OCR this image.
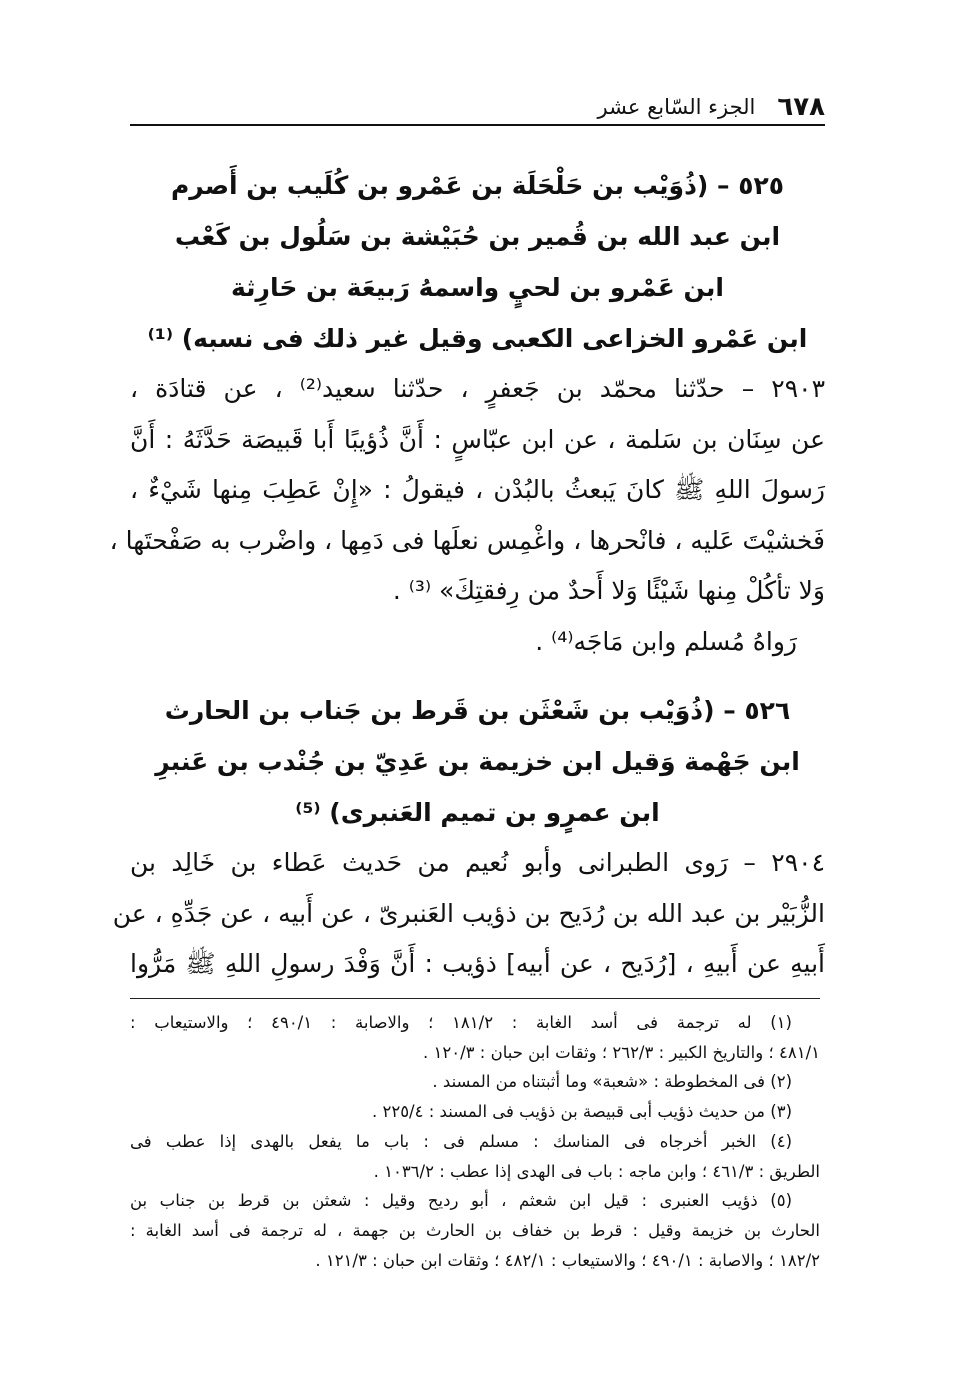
٦٧٨
الجزء السّابع عشر
٥٢٥ – (ذُوَيْب بن حَلْحَلَة بن عَمْرو بن كُلَيب بن أَصرم
ابن عبد الله بن قُمير بن حُبَيْشة بن سَلُول بن كَعْب
ابن عَمْرو بن لحيٍ واسمهُ رَبيعَة بن حَارِثة
ابن عَمْرو الخزاعى الكعبى وقيل غير ذلك فى نسبه) ⁽¹⁾
٢٩٠٣ – حدّثنا محمّد بن جَعفرٍ ، حدّثنا سعيد⁽²⁾ ، عن قتادَة ،
عن سِنَان بن سَلمة ، عن ابن عبّاسٍ : أَنَّ ذُؤيبًا أَبا قَبيصَة حَدَّثَهُ : أَنَّ
رَسولَ اللهِ ﷺ كانَ يَبعثُ بالبُدْن ، فيقولُ : «إِنْ عَطِبَ مِنها شَيْءٌ ،
فَخشيْتَ عَليه ، فانْحرها ، واغْمِس نعلَها فى دَمِها ، واضْرب به صَفْحتَها ،
وَلا تأكُلْ مِنها شَيْئًا وَلا أَحدٌ من رِفقتِكَ» ⁽³⁾ .
رَواهُ مُسلم وابن مَاجَه⁽⁴⁾ .
٥٢٦ – (ذُوَيْب بن شَعْثَن بن قَرط بن جَناب بن الحارث
ابن جَهْمة وَقيل ابن خزيمة بن عَدِيّ بن جُنْدب بن عَنبرِ
ابن عمرٍو بن تميم العَنبرى) ⁽⁵⁾
٢٩٠٤ – رَوى الطبرانى وأبو نُعيم من حَديث عَطاء بن خَالِد بن
الزُّبَيْر بن عبد الله بن رُدَيح بن ذؤيب العَنبرىّ ، عن أَبيه ، عن جَدِّهِ ، عن
أَبيهِ عن أَبيهِ ، [رُدَيح ، عن أبيه] ذؤيب : أَنَّ وَفْدَ رسولِ اللهِ ﷺ مَرُّوا
(١) له ترجمة فى أسد الغابة : ١٨١/٢ ؛ والاصابة : ٤٩٠/١ ؛ والاستيعاب :
٤٨١/١ ؛ والتاريخ الكبير : ٢٦٢/٣ ؛ وثقات ابن حبان : ١٢٠/٣ .
(٢) فى المخطوطة : «شعبة» وما أثبتناه من المسند .
(٣) من حديث ذؤيب أبى قبيصة بن ذؤيب فى المسند : ٢٢٥/٤ .
(٤) الخبر أخرجاه فى المناسك : مسلم فى : باب ما يفعل بالهدى إذا عطب فى
الطريق : ٤٦١/٣ ؛ وابن ماجه : باب فى الهدى إذا عطب : ١٠٣٦/٢ .
(٥) ذؤيب العنبرى : قيل ابن شعثم ، أبو رديح وقيل : شعثن بن قرط بن جناب بن
الحارث بن خزيمة وقيل : قرط بن خفاف بن الحارث بن جهمة ، له ترجمة فى أسد الغابة :
١٨٢/٢ ؛ والاصابة : ٤٩٠/١ ؛ والاستيعاب : ٤٨٢/١ ؛ وثقات ابن حبان : ١٢١/٣ .
